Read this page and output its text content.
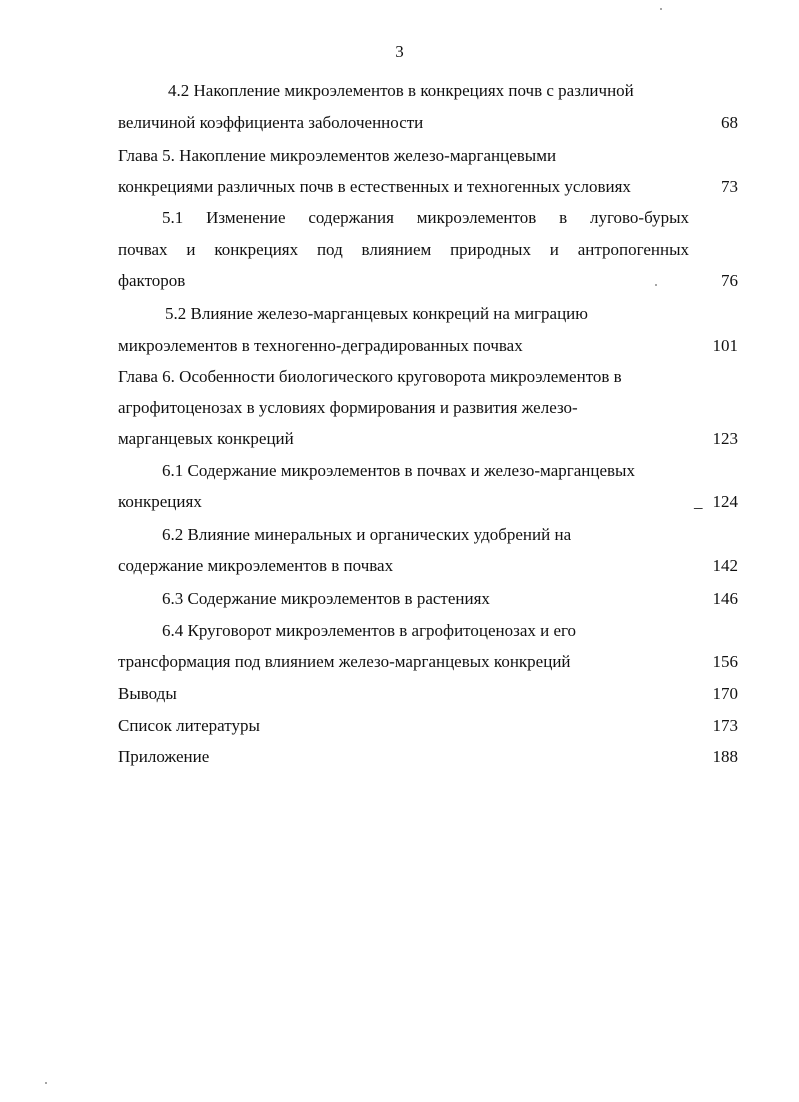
3
4.2 Накопление микроэлементов в конкрециях почв с различной
величиной коэффициента заболоченности	68
Глава 5. Накопление микроэлементов железо-марганцевыми
конкрециями различных почв в естественных и техногенных условиях	73
5.1 Изменение содержания микроэлементов в лугово-бурых
почвах и конкрециях под влиянием природных и антропогенных
факторов	76
5.2 Влияние железо-марганцевых конкреций на миграцию
микроэлементов в техногенно-деградированных почвах	101
Глава 6. Особенности биологического круговорота микроэлементов в
агрофитоценозах в условиях формирования и развития железо-
марганцевых конкреций	123
6.1 Содержание микроэлементов в почвах и железо-марганцевых
конкрециях	_ 124
6.2 Влияние минеральных и органических удобрений на
содержание микроэлементов в почвах	142
6.3 Содержание микроэлементов в растениях	146
6.4 Круговорот микроэлементов в агрофитоценозах и его
трансформация под влиянием железо-марганцевых конкреций	156
Выводы	170
Список литературы	173
Приложение	188
